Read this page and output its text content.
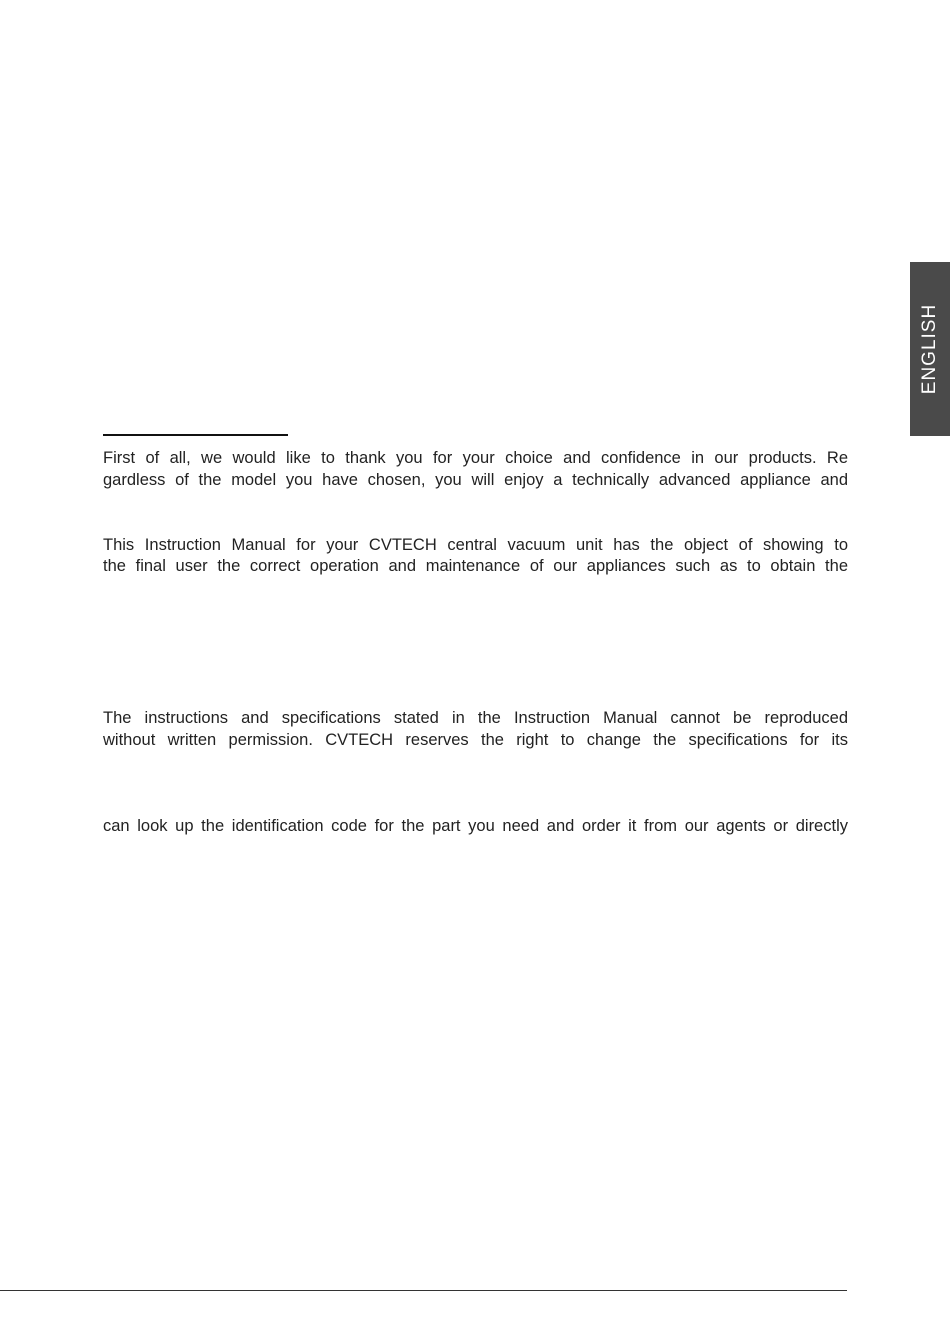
ENGLISH
First of all, we would like to thank you for your choice and confidence in our products. Re
gardless of the model you have chosen, you will enjoy a technically advanced appliance and
This Instruction Manual for your CVTECH central vacuum unit has the object of showing to
the final user the correct operation and maintenance of our appliances such as to obtain the
The instructions and specifications stated in the Instruction Manual cannot be reproduced
without written permission. CVTECH reserves the right to change the specifications for its
can look up the identification code for the part you need and order it from our agents or directly
